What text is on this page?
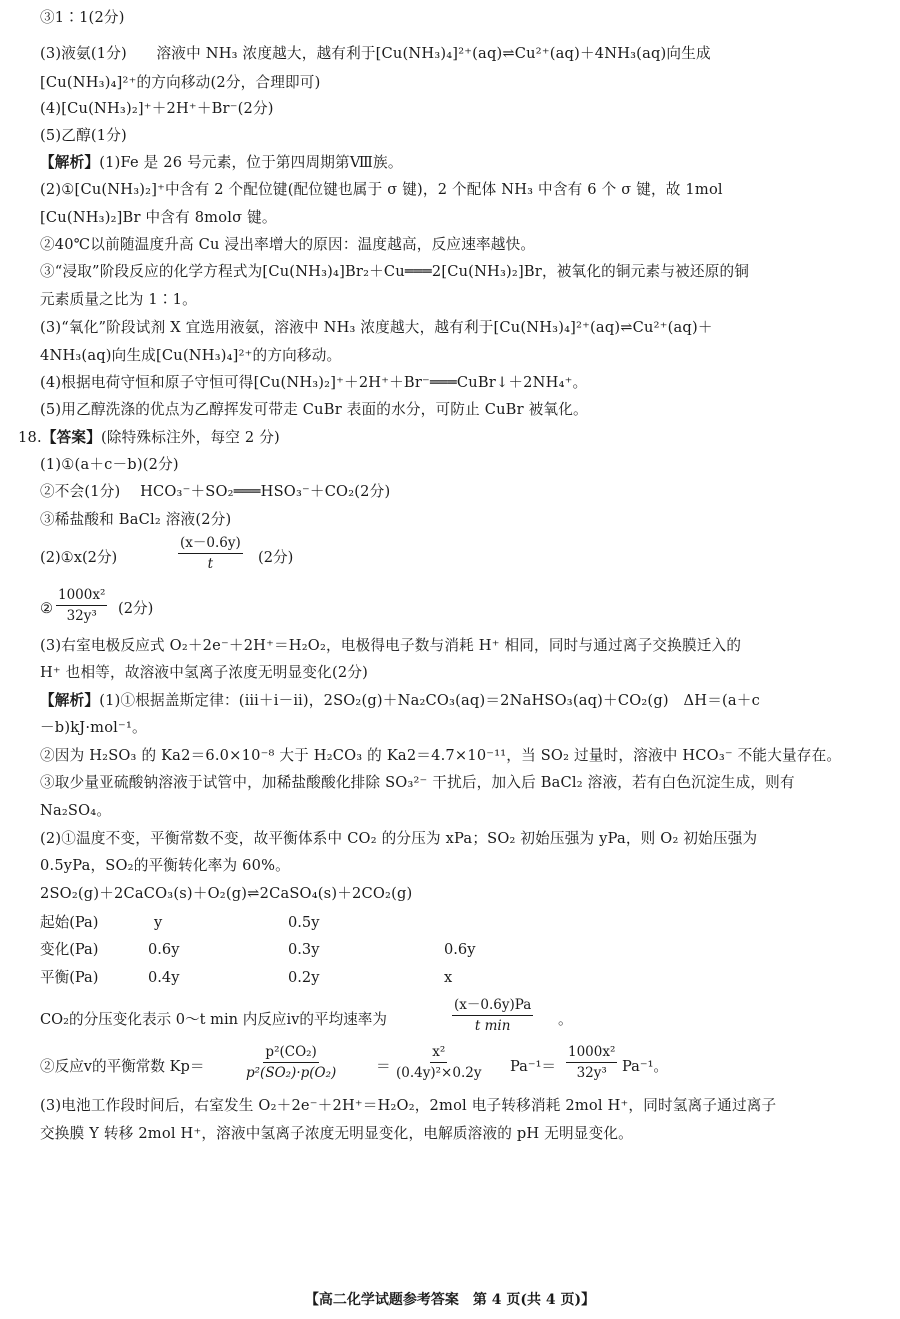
③1∶1(2分)
(3)液氨(1分)　　溶液中 NH₃ 浓度越大，越有利于[Cu(NH₃)₄]²⁺(aq)⇌Cu²⁺(aq)＋4NH₃(aq)向生成
[Cu(NH₃)₄]²⁺的方向移动(2分，合理即可)
(4)[Cu(NH₃)₂]⁺＋2H⁺＋Br⁻(2分)
(5)乙醇(1分)
【解析】(1)Fe 是 26 号元素，位于第四周期第Ⅷ族。
(2)①[Cu(NH₃)₂]⁺中含有 2 个配位键(配位键也属于 σ 键)，2 个配体 NH₃ 中含有 6 个 σ 键，故 1mol
[Cu(NH₃)₂]Br 中含有 8molσ 键。
②40℃以前随温度升高 Cu 浸出率增大的原因：温度越高，反应速率越快。
③“浸取”阶段反应的化学方程式为[Cu(NH₃)₄]Br₂＋Cu═══2[Cu(NH₃)₂]Br，被氧化的铜元素与被还原的铜
元素质量之比为 1∶1。
(3)“氧化”阶段试剂 X 宜选用液氨，溶液中 NH₃ 浓度越大，越有利于[Cu(NH₃)₄]²⁺(aq)⇌Cu²⁺(aq)＋
4NH₃(aq)向生成[Cu(NH₃)₄]²⁺的方向移动。
(4)根据电荷守恒和原子守恒可得[Cu(NH₃)₂]⁺＋2H⁺＋Br⁻═══CuBr↓＋2NH₄⁺。
(5)用乙醇洗涤的优点为乙醇挥发可带走 CuBr 表面的水分，可防止 CuBr 被氧化。
18.【答案】(除特殊标注外，每空 2 分)
(1)①(a＋c－b)(2分)
②不会(1分)　 HCO₃⁻＋SO₂═══HSO₃⁻＋CO₂(2分)
③稀盐酸和 BaCl₂ 溶液(2分)
(2)①x(2分)	$\frac{(x-0.6y)}{t} (2$分)
② $\frac{\text{1000x²}}{\text{32y³}} (2$分)
(3)右室电极反应式 O₂＋2e⁻＋2H⁺＝H₂O₂，电极得电子数与消耗 H⁺ 相同，同时与通过离子交换膜迁入的
H⁺ 也相等，故溶液中氢离子浓度无明显变化(2分)
【解析】(1)①根据盖斯定律：(ⅲ＋ⅰ－ⅱ)，2SO₂(g)＋Na₂CO₃(aq)＝2NaHSO₃(aq)＋CO₂(g)　ΔH＝(a＋c
－b)kJ·mol⁻¹。
②因为 H₂SO₃ 的 Ka2＝6.0×10⁻⁸ 大于 H₂CO₃ 的 Ka2＝4.7×10⁻¹¹，当 SO₂ 过量时，溶液中 HCO₃⁻ 不能大量存在。
③取少量亚硫酸钠溶液于试管中，加稀盐酸酸化排除 SO₃²⁻ 干扰后，加入后 BaCl₂ 溶液，若有白色沉淀生成，则有
Na₂SO₄。
(2)①温度不变，平衡常数不变，故平衡体系中 CO₂ 的分压为 xPa；SO₂ 初始压强为 yPa，则 O₂ 初始压强为
0.5yPa，SO₂的平衡转化率为 60%。
2SO₂(g)＋2CaCO₃(s)＋O₂(g)⇌2CaSO₄(s)＋2CO₂(g)
起始(Pa)	y	0.5y
变化(Pa)	0.6y	0.3y	0.6y
平衡(Pa)	0.4y	0.2y	x
CO₂的分压变化表示 0～t min 内反应ⅳ的平均速率为
(x－0.6y)Pa
t min	。
②反应ⅴ的平衡常数 Kp＝	$\frac{\text{p²(CO₂)}}{\text{p²(SO₂)·p(O₂)}}$	＝ $\frac{\text{x²}}{\text{(0.4y)²×0.2y}} Pa^{-1}= \frac{\text{1000x²}}{\text{32y³}} Pa^{-1}$。
(3)电池工作段时间后，右室发生 O₂＋2e⁻＋2H⁺＝H₂O₂，2mol 电子转移消耗 2mol H⁺，同时氢离子通过离子
交换膜 Y 转移 2mol H⁺，溶液中氢离子浓度无明显变化，电解质溶液的 pH 无明显变化。
【高二化学试题参考答案　第 4 页(共 4 页)】
